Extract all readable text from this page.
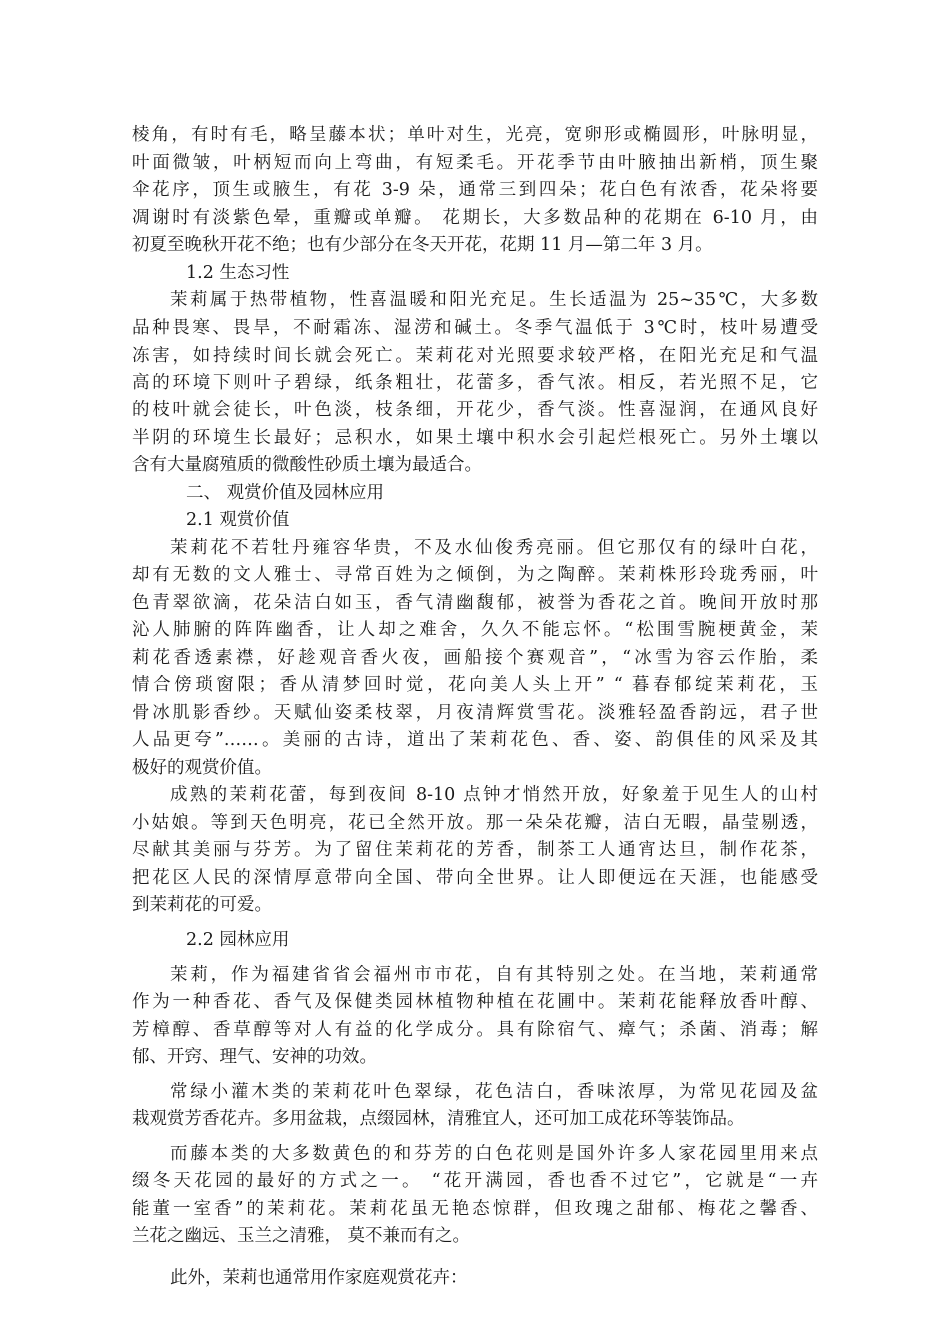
棱角，有时有毛，略呈藤本状；单叶对生，光亮，宽卵形或椭圆形，叶脉明显，
叶面微皱，叶柄短而向上弯曲，有短柔毛。开花季节由叶腋抽出新梢，顶生聚
伞花序，顶生或腋生，有花 3-9 朵，通常三到四朵；花白色有浓香，花朵将要
凋谢时有淡紫色晕，重瓣或单瓣。 花期长，大多数品种的花期在 6-10 月，由
初夏至晚秋开花不绝；也有少部分在冬天开花，花期 11 月—第二年 3 月。
1.2 生态习性
茉莉属于热带植物，性喜温暖和阳光充足。生长适温为 25~35℃，大多数
品种畏寒、畏旱，不耐霜冻、湿涝和碱土。冬季气温低于 3℃时，枝叶易遭受
冻害，如持续时间长就会死亡。茉莉花对光照要求较严格，在阳光充足和气温
高的环境下则叶子碧绿，纸条粗壮，花蕾多，香气浓。相反，若光照不足，它
的枝叶就会徒长，叶色淡，枝条细，开花少，香气淡。性喜湿润，在通风良好
半阴的环境生长最好；忌积水，如果土壤中积水会引起烂根死亡。另外土壤以
含有大量腐殖质的微酸性砂质土壤为最适合。
二、 观赏价值及园林应用
2.1 观赏价值
茉莉花不若牡丹雍容华贵，不及水仙俊秀亮丽。但它那仅有的绿叶白花，
却有无数的文人雅士、寻常百姓为之倾倒，为之陶醉。茉莉株形玲珑秀丽，叶
色青翠欲滴，花朵洁白如玉，香气清幽馥郁，被誉为香花之首。晚间开放时那
沁人肺腑的阵阵幽香，让人却之难舍，久久不能忘怀。“松围雪腕梗黄金，茉
莉花香透素襟，好趁观音香火夜，画船接个赛观音”，“冰雪为容云作胎，柔
情合傍琐窗限；香从清梦回时觉，花向美人头上开” “ 暮春郁绽茉莉花，玉
骨冰肌影香纱。天赋仙姿柔枝翠，月夜清辉赏雪花。淡雅轻盈香韵远，君子世
人品更夸”……。美丽的古诗，道出了茉莉花色、香、姿、韵俱佳的风采及其
极好的观赏价值。
成熟的茉莉花蕾，每到夜间 8-10 点钟才悄然开放，好象羞于见生人的山村
小姑娘。等到天色明亮，花已全然开放。那一朵朵花瓣，洁白无暇，晶莹剔透，
尽献其美丽与芬芳。为了留住茉莉花的芳香，制茶工人通宵达旦，制作花茶，
把花区人民的深情厚意带向全国、带向全世界。让人即便远在天涯，也能感受
到茉莉花的可爱。
2.2 园林应用
茉莉，作为福建省省会福州市市花，自有其特别之处。在当地，茉莉通常
作为一种香花、香气及保健类园林植物种植在花圃中。茉莉花能释放香叶醇、
芳樟醇、香草醇等对人有益的化学成分。具有除宿气、瘴气；杀菌、消毒；解
郁、开窍、理气、安神的功效。
常绿小灌木类的茉莉花叶色翠绿，花色洁白，香味浓厚，为常见花园及盆
栽观赏芳香花卉。多用盆栽，点缀园林，清雅宜人，还可加工成花环等装饰品。
而藤本类的大多数黄色的和芬芳的白色花则是国外许多人家花园里用来点
缀冬天花园的最好的方式之一。 “花开满园，香也香不过它”，它就是“一卉
能董一室香”的茉莉花。茉莉花虽无艳态惊群，但玫瑰之甜郁、梅花之馨香、
兰花之幽远、玉兰之清雅， 莫不兼而有之。
此外，茉莉也通常用作家庭观赏花卉：
